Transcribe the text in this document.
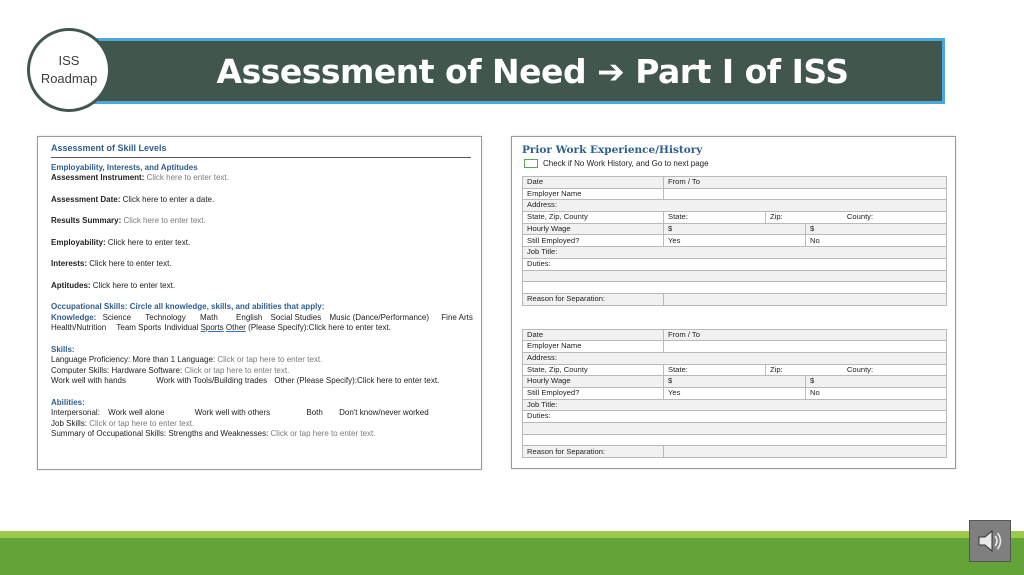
Assessment of Need ➔ Part I of ISS
ISS
Roadmap
Assessment of Skill Levels
Employability, Interests, and Aptitudes
Assessment Instrument: Click here to enter text.
Assessment Date: Click here to enter a date.
Results Summary: Click here to enter text.
Employability: Click here to enter text.
Interests: Click here to enter text.
Aptitudes: Click here to enter text.
Occupational Skills: Circle all knowledge, skills, and abilities that apply:
Knowledge: Science Technology Math English Social Studies Music (Dance/Performance) Fine Arts
Health/Nutrition Team Sports Individual Sports Other (Please Specify):Click here to enter text.
Skills:
Language Proficiency: More than 1 Language: Click or tap here to enter text.
Computer Skills: Hardware Software: Click or tap here to enter text.
Work well with hands	Work with Tools/Building trades Other (Please Specify):Click here to enter text.
Abilities:
Interpersonal: Work well alone	Work well with others	Both Don't know/never worked
Job Skills: Click or tap here to enter text.
Summary of Occupational Skills: Strengths and Weaknesses: Click or tap here to enter text.
Prior Work Experience/History
Check if No Work History, and Go to next page
Date	From / To		
Employer Name			
Address:			
State, Zip, County	State:	Zip: County:	
Hourly Wage	$		$
Still Employed?	Yes		No
Job Title:			
Duties:			

Reason for Separation:			
Date	From / To		
Employer Name			
Address:			
State, Zip, County	State:	Zip: County:	
Hourly Wage	$		$
Still Employed?	Yes		No
Job Title:			
Duties:			

Reason for Separation:			
